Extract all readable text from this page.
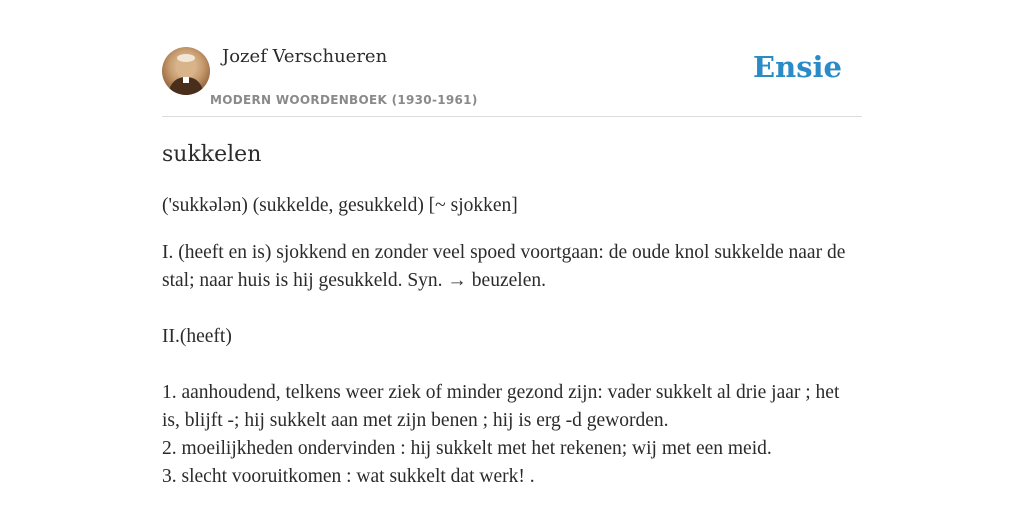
Jozef Verschueren
MODERN WOORDENBOEK (1930-1961)
Ensie
sukkelen
('sukkələn) (sukkelde, gesukkeld) [~ sjokken]
I. (heeft en is) sjokkend en zonder veel spoed voortgaan: de oude knol sukkelde naar de stal; naar huis is hij gesukkeld. Syn. → beuzelen.
II.(heeft)
1. aanhoudend, telkens weer ziek of minder gezond zijn: vader sukkelt al drie jaar ; het is, blijft -; hij sukkelt aan met zijn benen ; hij is erg -d geworden.
2. moeilijkheden ondervinden : hij sukkelt met het rekenen; wij met een meid.
3. slecht vooruitkomen : wat sukkelt dat werk! .
